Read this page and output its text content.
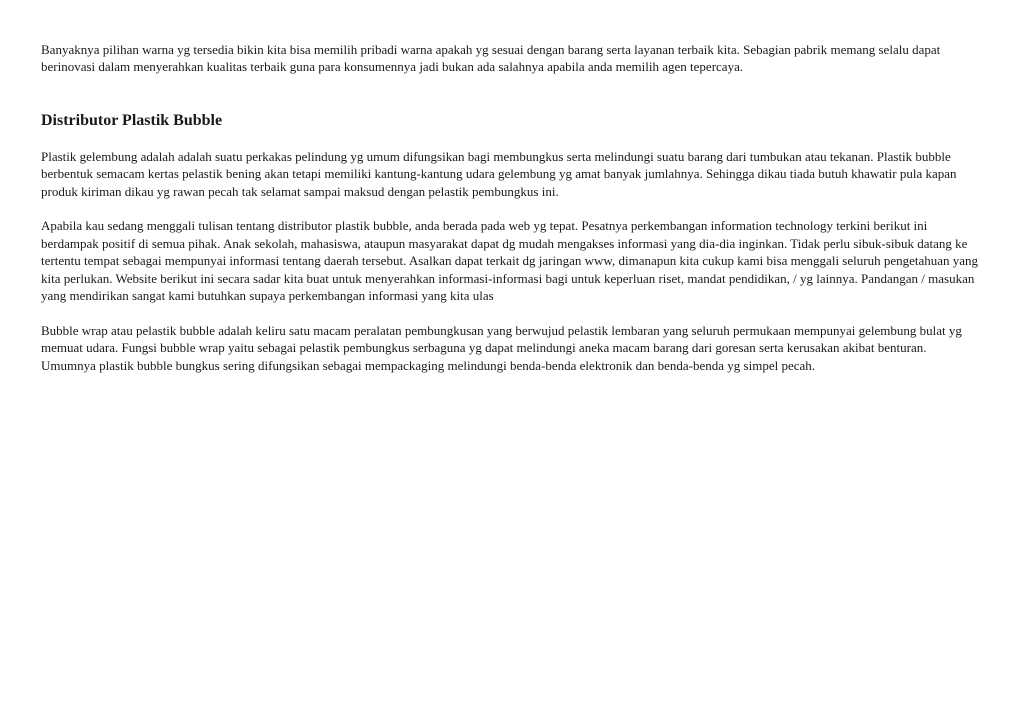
Banyaknya pilihan warna yg tersedia bikin kita bisa memilih pribadi warna apakah yg sesuai dengan barang serta layanan terbaik kita. Sebagian pabrik memang selalu dapat berinovasi dalam menyerahkan kualitas terbaik guna para konsumennya jadi bukan ada salahnya apabila anda memilih agen tepercaya.

Distributor Plastik Bubble

Plastik gelembung adalah adalah suatu perkakas pelindung yg umum difungsikan bagi membungkus serta melindungi suatu barang dari tumbukan atau tekanan. Plastik bubble berbentuk semacam kertas pelastik bening akan tetapi memiliki kantung-kantung udara gelembung yg amat banyak jumlahnya. Sehingga dikau tiada butuh khawatir pula kapan produk kiriman dikau yg rawan pecah tak selamat sampai maksud dengan pelastik pembungkus ini.

Apabila kau sedang menggali tulisan tentang distributor plastik bubble, anda berada pada web yg tepat. Pesatnya perkembangan information technology terkini berikut ini berdampak positif di semua pihak. Anak sekolah, mahasiswa, ataupun masyarakat dapat dg mudah mengakses informasi yang dia-dia inginkan. Tidak perlu sibuk-sibuk datang ke tertentu tempat sebagai mempunyai informasi tentang daerah tersebut. Asalkan dapat terkait dg jaringan www, dimanapun kita cukup kami bisa menggali seluruh pengetahuan yang kita perlukan. Website berikut ini secara sadar kita buat untuk menyerahkan informasi-informasi bagi untuk keperluan riset, mandat pendidikan, / yg lainnya. Pandangan / masukan yang mendirikan sangat kami butuhkan supaya perkembangan informasi yang kita ulas

Bubble wrap atau pelastik bubble adalah keliru satu macam peralatan pembungkusan yang berwujud pelastik lembaran yang seluruh permukaan mempunyai gelembung bulat yg memuat udara. Fungsi bubble wrap yaitu sebagai pelastik pembungkus serbaguna yg dapat melindungi aneka macam barang dari goresan serta kerusakan akibat benturan. Umumnya plastik bubble bungkus sering difungsikan sebagai mempackaging melindungi benda-benda elektronik dan benda-benda yg simpel pecah.
